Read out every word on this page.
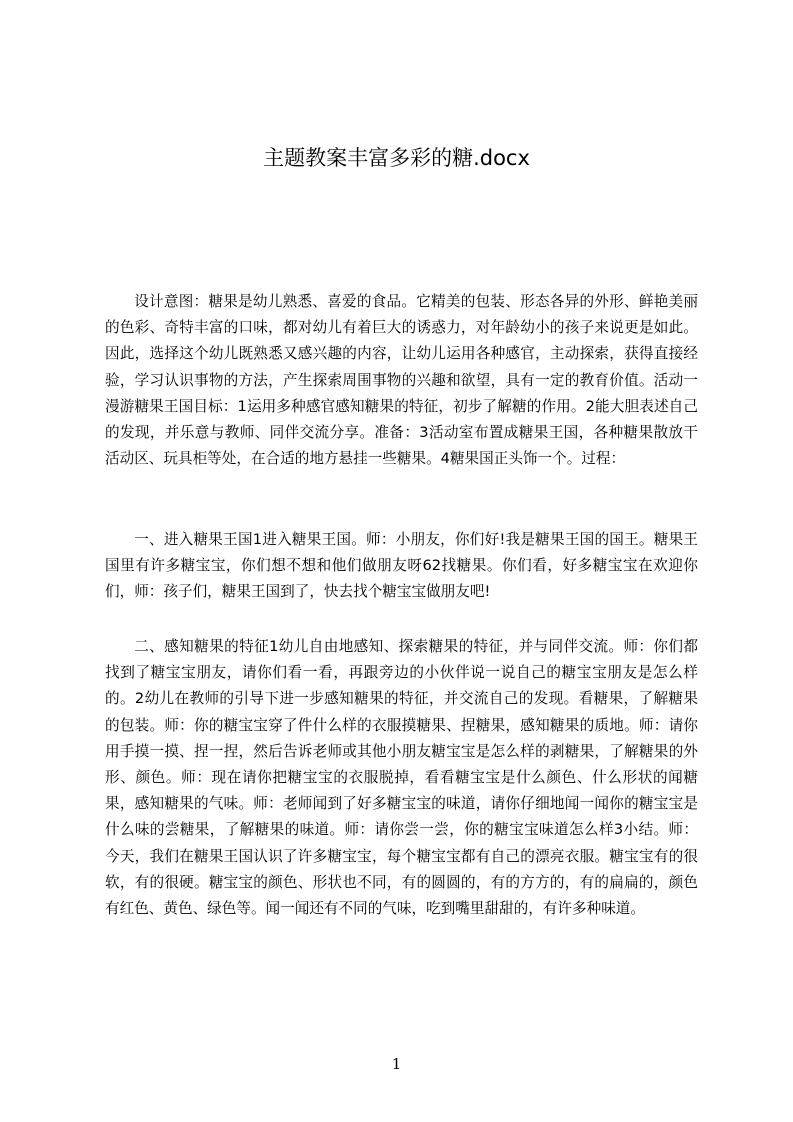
主题教案丰富多彩的糖.docx

设计意图：糖果是幼儿熟悉、喜爱的食品。它精美的包装、形态各异的外形、鲜艳美丽的色彩、奇特丰富的口味，都对幼儿有着巨大的诱惑力，对年龄幼小的孩子来说更是如此。因此，选择这个幼儿既熟悉又感兴趣的内容，让幼儿运用各种感官，主动探索，获得直接经验，学习认识事物的方法，产生探索周围事物的兴趣和欲望，具有一定的教育价值。活动一漫游糖果王国目标：1运用多种感官感知糖果的特征，初步了解糖的作用。2能大胆表述自己的发现，并乐意与教师、同伴交流分享。准备：3活动室布置成糖果王国，各种糖果散放干活动区、玩具柜等处，在合适的地方悬挂一些糖果。4糖果国正头饰一个。过程：

一、进入糖果王国1进入糖果王国。师：小朋友，你们好!我是糖果王国的国王。糖果王国里有许多糖宝宝，你们想不想和他们做朋友呀62找糖果。你们看，好多糖宝宝在欢迎你们，师：孩子们，糖果王国到了，快去找个糖宝宝做朋友吧!

二、感知糖果的特征1幼儿自由地感知、探索糖果的特征，并与同伴交流。师：你们都找到了糖宝宝朋友，请你们看一看，再跟旁边的小伙伴说一说自己的糖宝宝朋友是怎么样的。2幼儿在教师的引导下进一步感知糖果的特征，并交流自己的发现。看糖果，了解糖果的包装。师：你的糖宝宝穿了件什么样的衣服摸糖果、捏糖果，感知糖果的质地。师：请你用手摸一摸、捏一捏，然后告诉老师或其他小朋友糖宝宝是怎么样的剥糖果，了解糖果的外形、颜色。师：现在请你把糖宝宝的衣服脱掉，看看糖宝宝是什么颜色、什么形状的闻糖果，感知糖果的气味。师：老师闻到了好多糖宝宝的味道，请你仔细地闻一闻你的糖宝宝是什么味的尝糖果，了解糖果的味道。师：请你尝一尝，你的糖宝宝味道怎么样3小结。师：今天，我们在糖果王国认识了许多糖宝宝，每个糖宝宝都有自己的漂亮衣服。糖宝宝有的很软，有的很硬。糖宝宝的颜色、形状也不同，有的圆圆的，有的方方的，有的扁扁的，颜色有红色、黄色、绿色等。闻一闻还有不同的气味，吃到嘴里甜甜的，有许多种味道。

1
